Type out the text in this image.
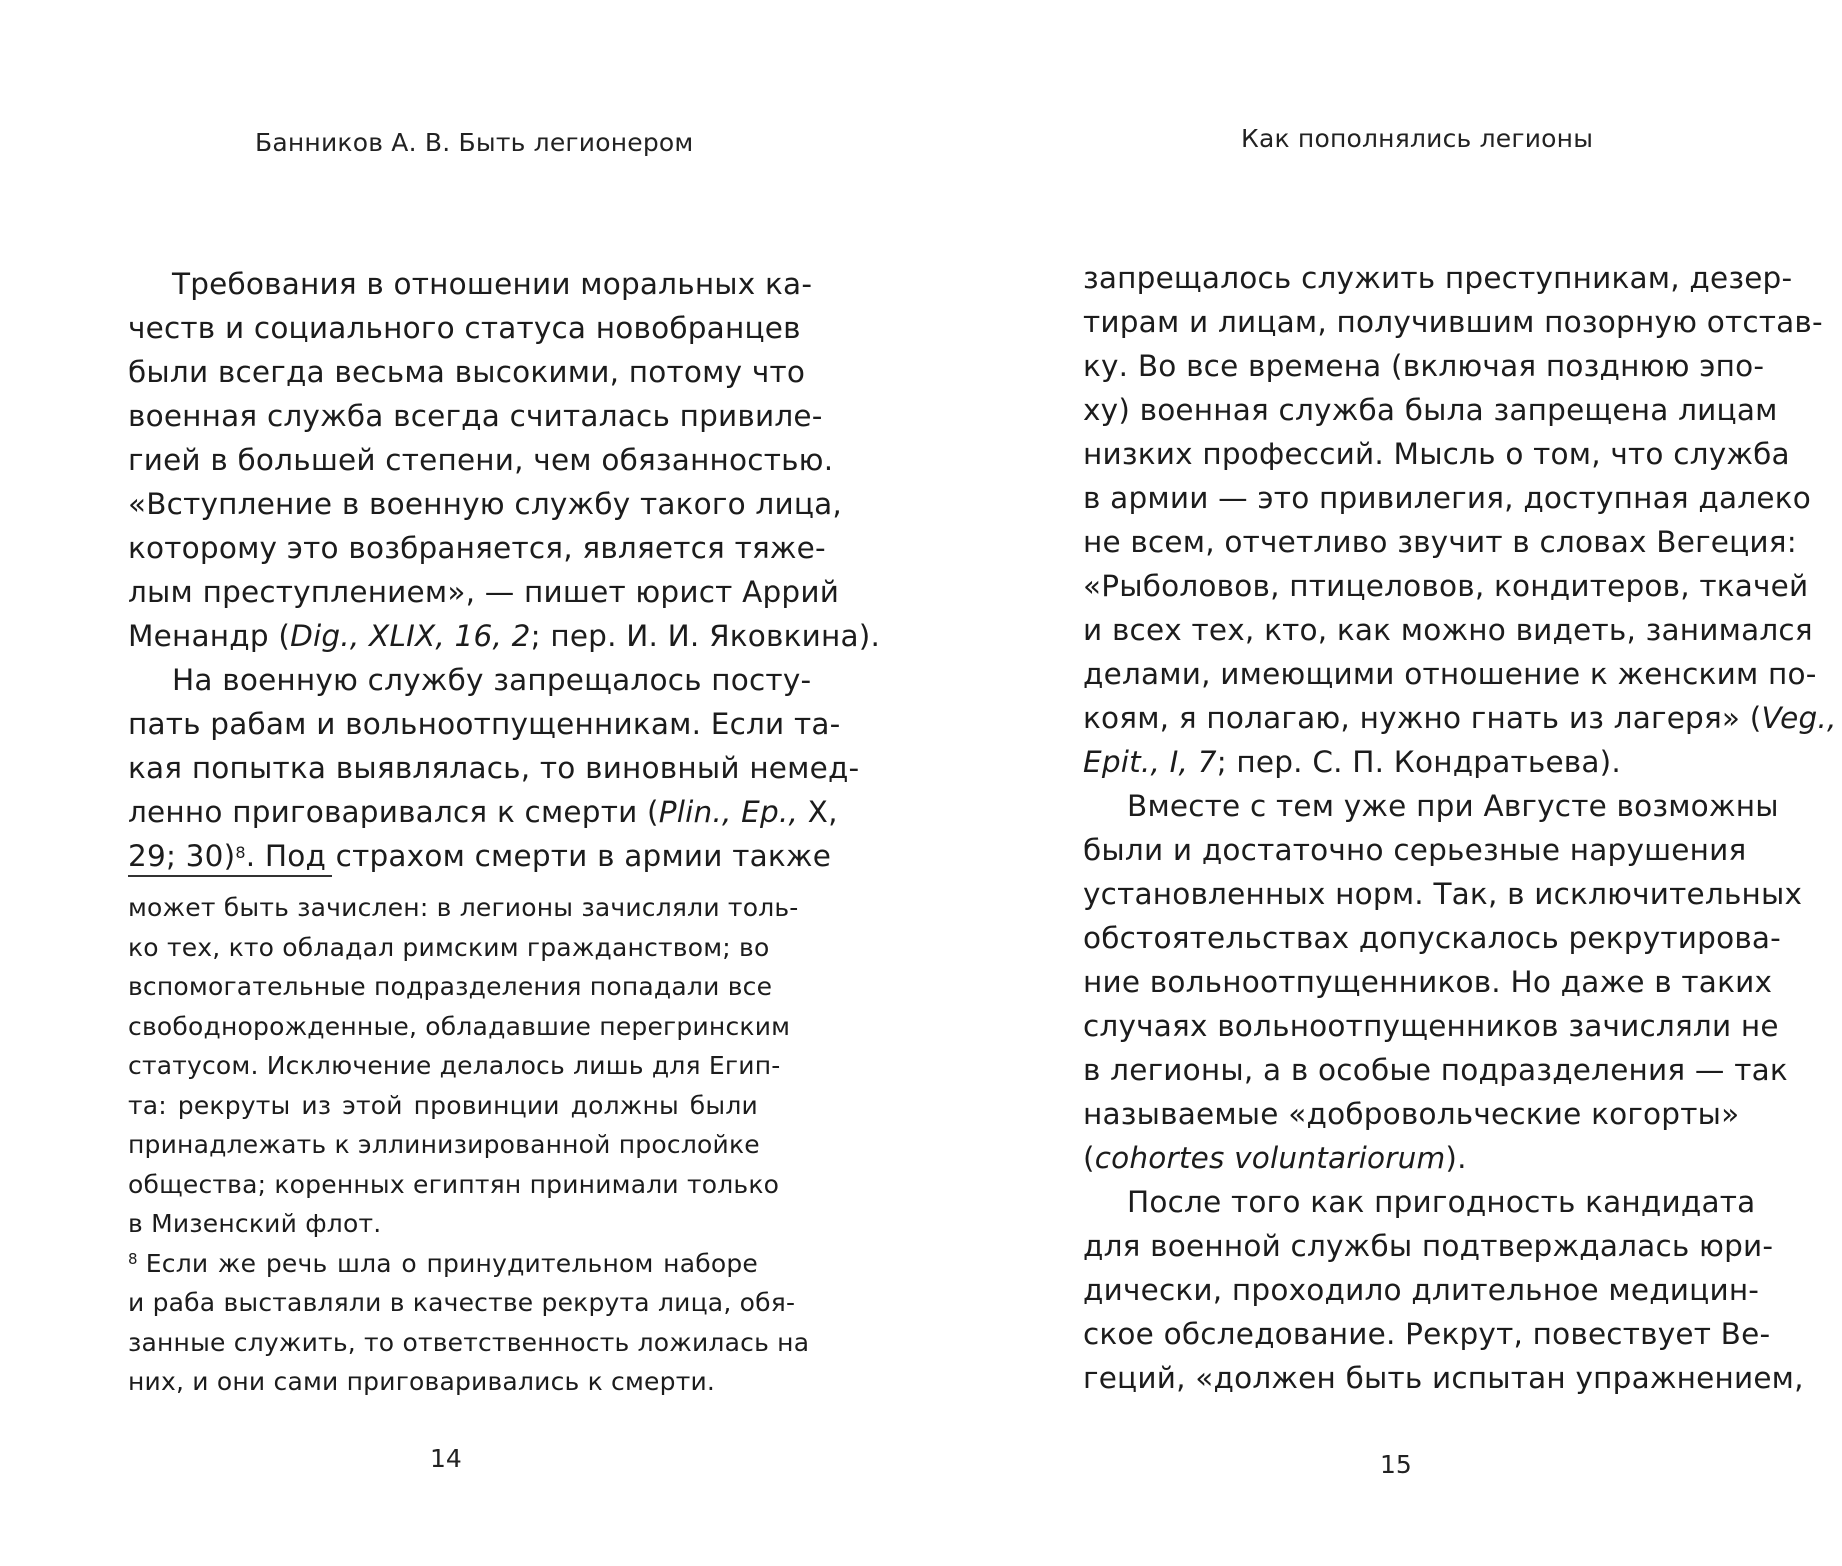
Банников А. В. Быть легионером
Требования в отношении моральных ка-
честв и социального статуса новобранцев
были всегда весьма высокими, потому что
военная служба всегда считалась привиле-
гией в большей степени, чем обязанностью.
«Вступление в военную службу такого лица,
которому это возбраняется, является тяже-
лым преступлением», — пишет юрист Аррий
Менандр (Dig., XLIX, 16, 2; пер. И. И. Яковкина).
На военную службу запрещалось посту-
пать рабам и вольноотпущенникам. Если та-
кая попытка выявлялась, то виновный немед-
ленно приговаривался к смерти (Plin., Ep., X,
29; 30)$^8$. Под страхом смерти в армии также
может быть зачислен: в легионы зачисляли толь-
ко тех, кто обладал римским гражданством; во
вспомогательные подразделения попадали все
свободнорожденные, обладавшие перегринским
статусом. Исключение делалось лишь для Егип-
та: рекруты из этой провинции должны были
принадлежать к эллинизированной прослойке
общества; коренных египтян принимали только
в Мизенский флот.
$^8$ Если же речь шла о принудительном наборе
и раба выставляли в качестве рекрута лица, обя-
занные служить, то ответственность ложилась на
них, и они сами приговаривались к смерти.
14
Как пополнялись легионы
запрещалось служить преступникам, дезер-
тирам и лицам, получившим позорную отстав-
ку. Во все времена (включая позднюю эпо-
ху) военная служба была запрещена лицам
низких профессий. Мысль о том, что служба
в армии — это привилегия, доступная далеко
не всем, отчетливо звучит в словах Вегеция:
«Рыболовов, птицеловов, кондитеров, ткачей
и всех тех, кто, как можно видеть, занимался
делами, имеющими отношение к женским по-
коям, я полагаю, нужно гнать из лагеря» (Veg.,
Epit., I, 7; пер. С. П. Кондратьева).
Вместе с тем уже при Августе возможны
были и достаточно серьезные нарушения
установленных норм. Так, в исключительных
обстоятельствах допускалось рекрутирова-
ние вольноотпущенников. Но даже в таких
случаях вольноотпущенников зачисляли не
в легионы, а в особые подразделения — так
называемые «добровольческие когорты»
(cohortes voluntariorum).
После того как пригодность кандидата
для военной службы подтверждалась юри-
дически, проходило длительное медицин-
ское обследование. Рекрут, повествует Ве-
геций, «должен быть испытан упражнением,
15
